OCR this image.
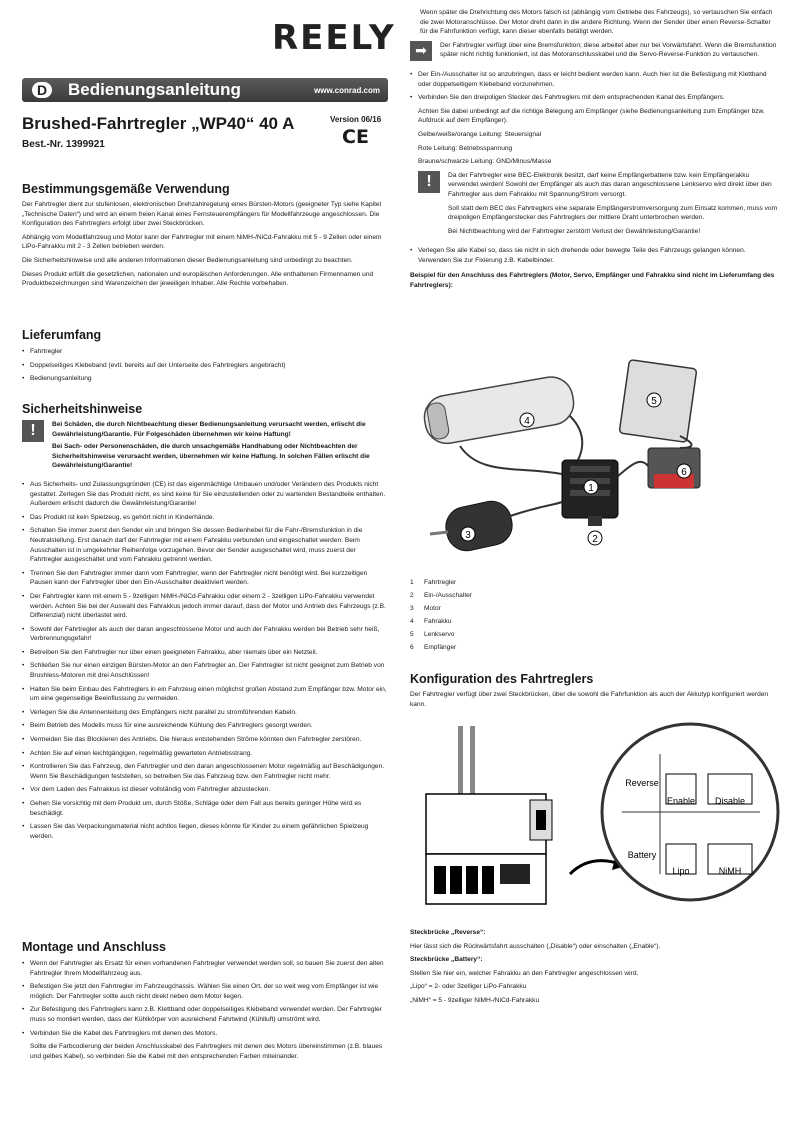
REELY
D Bedienungsanleitung	www.conrad.com
Brushed-Fahrtregler „WP40“ 40 A	Version 06/16
CE
Best.-Nr. 1399921
Bestimmungsgemäße Verwendung

Der Fahrtregler dient zur stufenlosen, elektronischen Drehzahlregelung eines Bürsten-Motors (geeigneter Typ siehe Kapitel „Technische Daten“) und wird an einem freien Kanal eines Fernsteuerempfängers für Modellfahrzeuge angeschlossen. Die Konfiguration des Fahrtreglers erfolgt über zwei Steckbrücken.

Abhängig vom Modellfahrzeug und Motor kann der Fahrtregler mit einem NiMH-/NiCd-Fahrakku mit 5 - 9 Zellen oder einem LiPo-Fahrakku mit 2 - 3 Zellen betrieben werden.

Die Sicherheitshinweise und alle anderen Informationen dieser Bedienungsanleitung sind unbedingt zu beachten.

Dieses Produkt erfüllt die gesetzlichen, nationalen und europäischen Anforderungen. Alle enthaltenen Firmennamen und Produktbezeichnungen sind Warenzeichen der jeweiligen Inhaber. Alle Rechte vorbehalten.

Lieferumfang
• Fahrtregler
• Doppelseitiges Klebeband (evtl. bereits auf der Unterseite des Fahrtreglers angebracht)
• Bedienungsanleitung
Sicherheitshinweise
!	Bei Schäden, die durch Nichtbeachtung dieser Bedienungsanleitung verursacht werden, erlischt die Gewährleistung/Garantie. Für Folgeschäden übernehmen wir keine Haftung!

Bei Sach- oder Personenschäden, die durch unsachgemäße Handhabung oder Nichtbeachten der Sicherheitshinweise verursacht werden, übernehmen wir keine Haftung. In solchen Fällen erlischt die Gewährleistung/Garantie!

• Aus Sicherheits- und Zulassungsgründen (CE) ist das eigenmächtige Umbauen und/oder Verändern des Produkts nicht gestattet. Zerlegen Sie das Produkt nicht, es sind keine für Sie einzustellenden oder zu wartenden Bestandteile enthalten. Außerdem erlischt dadurch die Gewährleistung/Garantie!
• Das Produkt ist kein Spielzeug, es gehört nicht in Kinderhände.
• Schalten Sie immer zuerst den Sender ein und bringen Sie dessen Bedienhebel für die Fahr-/Bremsfunktion in die Neutralstellung. Erst danach darf der Fahrtregler mit einem Fahrakku verbunden und eingeschaltet werden. Beim Ausschalten ist in umgekehrter Reihenfolge vorzugehen. Bevor der Sender ausgeschaltet wird, muss zuerst der Fahrtregler ausgeschaltet und vom Fahrakku getrennt werden.
• Trennen Sie den Fahrtregler immer dann vom Fahrtregler, wenn der Fahrtregler nicht benötigt wird. Bei kurzzeitigen Pausen kann der Fahrtregler über den Ein-/Ausschalter deaktiviert werden.
• Der Fahrtregler kann mit einem 5 - 9zelligen NiMH-/NiCd-Fahrakku oder einem 2 - 3zelligen LiPo-Fahrakku verwendet werden. Achten Sie bei der Auswahl des Fahrakkus jedoch immer darauf, dass der Motor und Antrieb des Fahrzeugs (z.B. Differenzial) nicht überlastet wird.
• Sowohl der Fahrtregler als auch der daran angeschlossene Motor und auch der Fahrakku werden bei Betrieb sehr heiß, Verbrennungsgefahr!
• Betreiben Sie den Fahrtregler nur über einen geeigneten Fahrakku, aber niemals über ein Netzteil.
• Schließen Sie nur einen einzigen Bürsten-Motor an den Fahrtregler an. Der Fahrtregler ist nicht geeignet zum Betrieb von Brushless-Motoren mit drei Anschlüssen!
• Halten Sie beim Einbau des Fahrtreglers in ein Fahrzeug einen möglichst großen Abstand zum Empfänger bzw. Motor ein, um eine gegenseitige Beeinflussung zu vermeiden.
• Verlegen Sie die Antennenleitung des Empfängers nicht parallel zu stromführenden Kabeln.
• Beim Betrieb des Modells muss für eine ausreichende Kühlung des Fahrtreglers gesorgt werden.
• Vermeiden Sie das Blockieren des Antriebs. Die hieraus entstehenden Ströme könnten den Fahrtregler zerstören.
• Achten Sie auf einen leichtgängigen, regelmäßig gewarteten Antriebsstrang.
• Kontrollieren Sie das Fahrzeug, den Fahrtregler und den daran angeschlossenen Motor regelmäßig auf Beschädigungen. Wenn Sie Beschädigungen feststellen, so betreiben Sie das Fahrzeug bzw. den Fahrtregler nicht mehr.
• Vor dem Laden des Fahrakkus ist dieser vollständig vom Fahrtregler abzustecken.
• Gehen Sie vorsichtig mit dem Produkt um, durch Stöße, Schläge oder dem Fall aus bereits geringer Höhe wird es beschädigt.
• Lassen Sie das Verpackungsmaterial nicht achtlos liegen, dieses könnte für Kinder zu einem gefährlichen Spielzeug werden.
Montage und Anschluss
• Wenn der Fahrtregler als Ersatz für einen vorhandenen Fahrtregler verwendet werden soll, so bauen Sie zuerst den alten Fahrtregler Ihrem Modellfahrzeug aus.
• Befestigen Sie jetzt den Fahrtregler im Fahrzeugchassis. Wählen Sie einen Ort, der so weit weg vom Empfänger ist wie möglich. Der Fahrtregler sollte auch nicht direkt neben dem Motor liegen.
• Zur Befestigung des Fahrtreglers kann z.B. Klettband oder doppelseitiges Klebeband verwendet werden. Der Fahrtregler muss so montiert werden, dass der Kühlkörper von ausreichend Fahrtwind (Kühlluft) umströmt wird.
• Verbinden Sie die Kabel des Fahrtreglers mit denen des Motors.

Sollte die Farbcodierung der beiden Anschlusskabel des Fahrtreglers mit denen des Motors übereinstimmen (z.B. blaues und gelbes Kabel), so verbinden Sie die Kabel mit den entsprechenden Farben miteinander.

Wenn später die Drehrichtung des Motors falsch ist (abhängig vom Getriebe des Fahrzeugs), so vertauschen Sie einfach die zwei Motoranschlüsse. Der Motor dreht dann in die andere Richtung. Wenn der Sender über einen Reverse-Schalter für die Fahrfunktion verfügt, kann dieser ebenfalls betätigt werden.

➡	Der Fahrtregler verfügt über eine Bremsfunktion; diese arbeitet aber nur bei Vorwärtsfahrt. Wenn die Bremsfunktion später nicht richtig funktioniert, ist das Motoranschlusskabel und die Servo-Reverse-Funktion zu vertauschen.

• Der Ein-/Ausschalter ist so anzubringen, dass er leicht bedient werden kann. Auch hier ist die Befestigung mit Klettband oder doppelseitigem Klebeband vorzunehmen.
• Verbinden Sie den dreipoligen Stecker des Fahrtreglers mit dem entsprechenden Kanal des Empfängers.

Achten Sie dabei unbedingt auf die richtige Belegung am Empfänger (siehe Bedienungsanleitung zum Empfänger bzw. Aufdruck auf dem Empfänger).

Gelbe/weiße/orange Leitung: Steuersignal

Rote Leitung: Betriebsspannung

Braune/schwarze Leitung: GND/Minus/Masse

!	Da der Fahrtregler eine BEC-Elektronik besitzt, darf keine Empfängerbatterie bzw. kein Empfängerakku verwendet werden! Sowohl der Empfänger als auch das daran angeschlossene Lenkservo wird direkt über den Fahrtregler aus dem Fahrakku mit Spannung/Strom versorgt.

Soll statt dem BEC des Fahrtreglers eine separate Empfängerstromversorgung zum Einsatz kommen, muss vom dreipoligen Empfängerstecker des Fahrtreglers der mittlere Draht unterbrochen werden.

Bei Nichtbeachtung wird der Fahrtregler zerstört! Verlust der Gewährleistung/Garantie!

• Verlegen Sie alle Kabel so, dass sie nicht in sich drehende oder bewegte Teile des Fahrzeugs gelangen können. Verwenden Sie zur Fixierung z.B. Kabelbinder.

Beispiel für den Anschluss des Fahrtreglers (Motor, Servo, Empfänger und Fahrakku sind nicht im Lieferumfang des Fahrtreglers):

1
2
3
4
5
6
1 Fahrtregler
2 Ein-/Ausschalter
3 Motor
4 Fahrakku
5 Lenkservo
6 Empfänger
Konfiguration des Fahrtreglers

Der Fahrtregler verfügt über zwei Steckbrücken, über die sowohl die Fahrfunktion als auch der Akkutyp konfiguriert werden kann.

Reverse
Battery
Enable Disable
Lipo	NiMH

Steckbrücke „Reverse“:

Hier lässt sich die Rückwärtsfahrt ausschalten („Disable“) oder einschalten („Enable“).

Steckbrücke „Battery“:

Stellen Sie hier ein, welcher Fahrakku an den Fahrtregler angeschlossen wird.

„Lipo“ = 2- oder 3zelliger LiPo-Fahrakku

„NiMH“ = 5 - 9zelliger NiMH-/NiCd-Fahrakku
